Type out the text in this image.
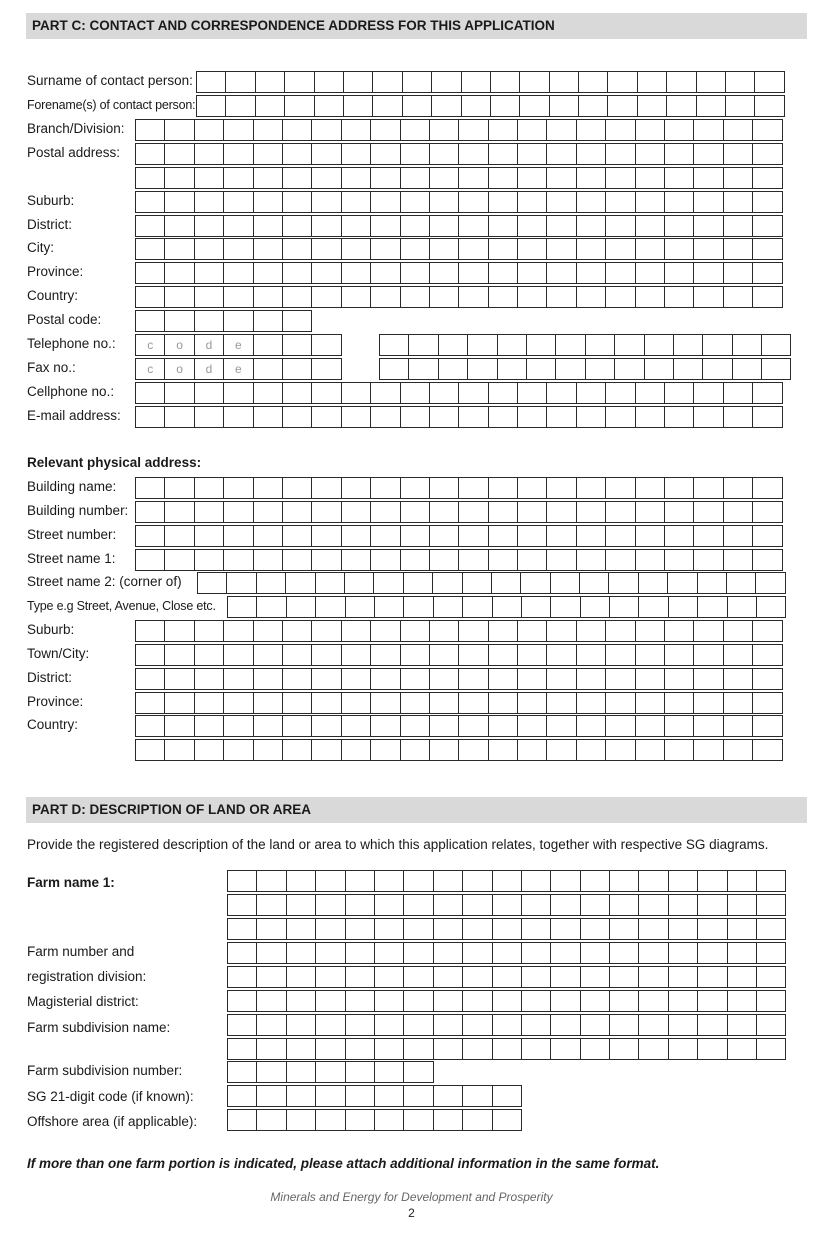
PART C: CONTACT AND CORRESPONDENCE ADDRESS FOR THIS APPLICATION
Surname of contact person:
Forename(s) of contact person:
Branch/Division:
Postal address:
Suburb:
District:
City:
Province:
Country:
Postal code:
Telephone no.:	c	o	d	e
Fax no.:	c	o	d	e
Cellphone no.:
E-mail address:
Relevant physical address:
Building name:
Building number:
Street number:
Street name 1:
Street name 2: (corner of)
Type e.g Street, Avenue, Close etc.
Suburb:
Town/City:
District:
Province:
Country:
PART D: DESCRIPTION OF LAND OR AREA
Provide the registered description of the land or area to which this application relates, together with respective SG diagrams.
Farm name 1:
Farm number and
registration division:
Magisterial district:
Farm subdivision name:
Farm subdivision number:
SG 21-digit code (if known):
Offshore area (if applicable):
If more than one farm portion is indicated, please attach additional information in the same format.
Minerals and Energy for Development and Prosperity
2
